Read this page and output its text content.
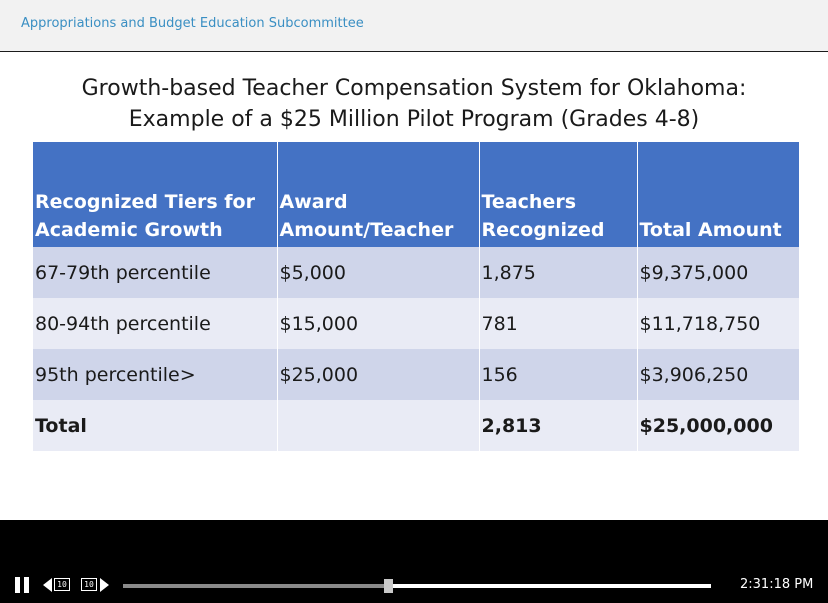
Appropriations and Budget Education Subcommittee
Growth-based Teacher Compensation System for Oklahoma:
Example of a $25 Million Pilot Program (Grades 4-8)
Recognized Tiers for Academic Growth	Award Amount/Teacher	Teachers Recognized	Total Amount
67-79th percentile	$5,000	1,875	$9,375,000
80-94th percentile	$15,000	781	$11,718,750
95th percentile>	$25,000	156	$3,906,250
Total		2,813	$25,000,000
10	10	2:31:18 PM
